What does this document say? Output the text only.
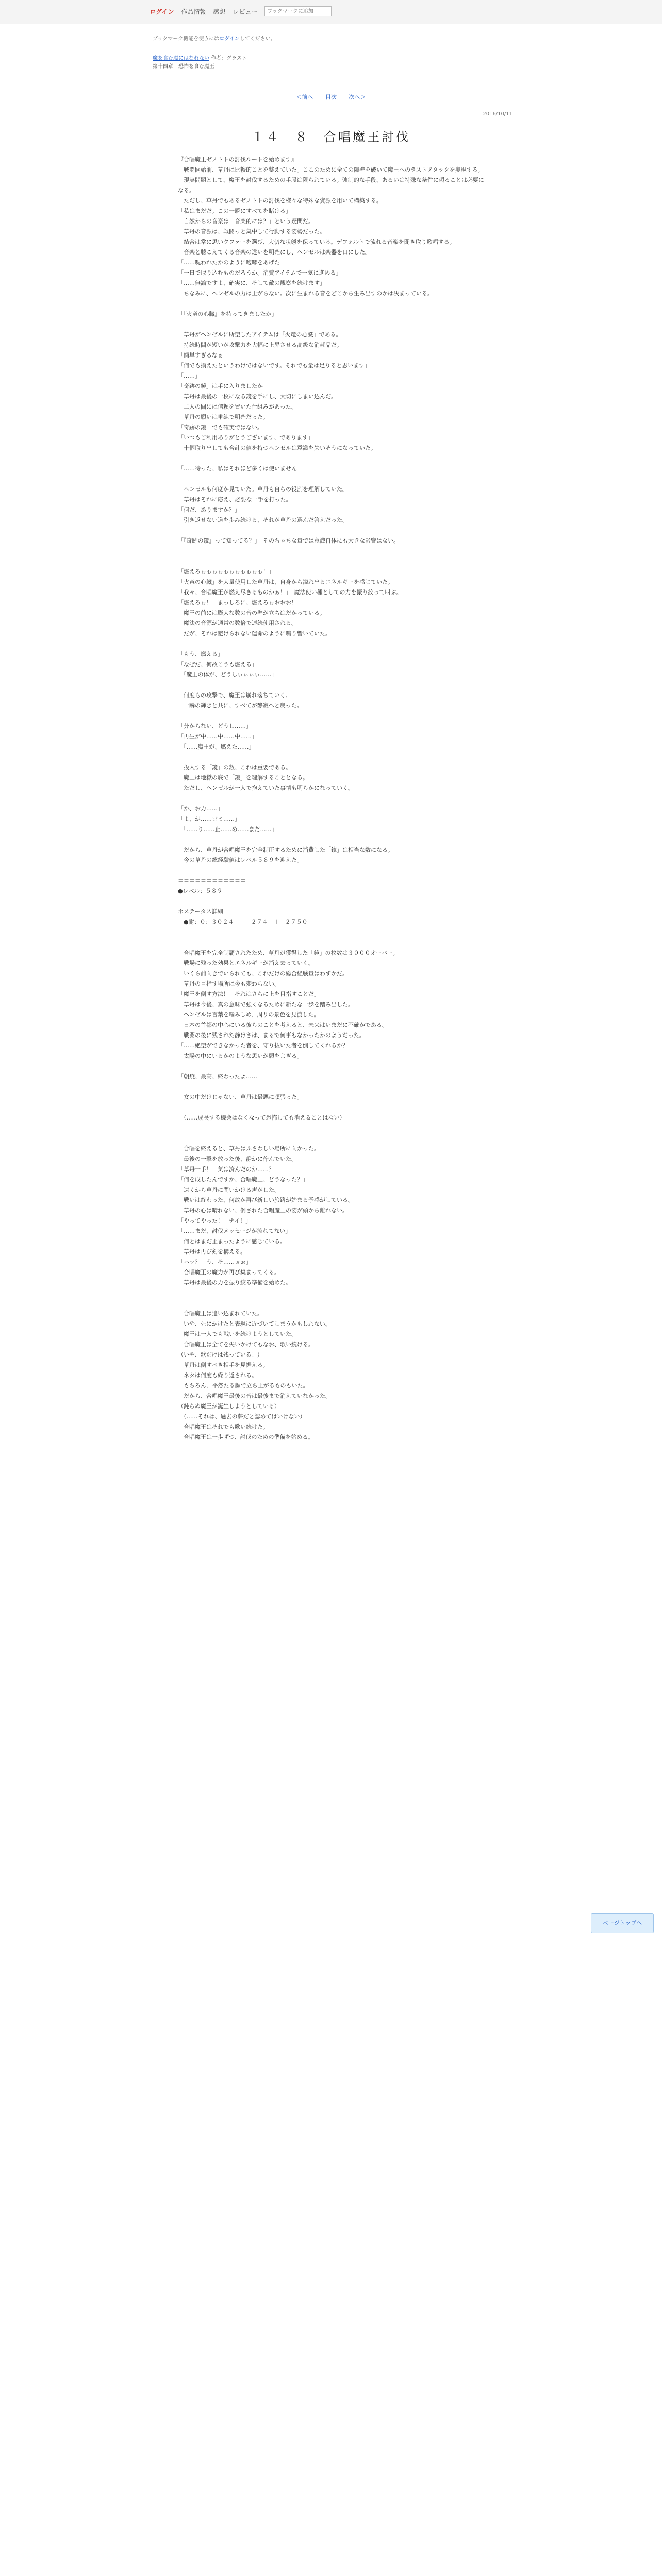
ログイン 作品情報 感想 レビュー
ブックマークに追加
ブックマーク機能を使うにはログインしてください。
魔を食む魔にはなれない 作者：グラスト
第十四章　恐怖を食む魔王
＜前へ 目次 次へ＞
2016/10/11
１４－８　合唱魔王討伐

『合唱魔王ゼノトトの討伐ルートを始めます』

　戦闘開始前、草丹は比較的ことを整えていた。ここのために全ての障壁を破いて魔王へのラストアタックを実現する。

　現実問題として、魔王を討伐するための手段は限られている。強制的な手段、あるいは特殊な条件に頼ることは必要になる。

　ただし、草丹でもあるゼノトトの討伐を様々な特殊な資源を用いて構築する。

「私はまだだ。この一瞬にすべてを賭ける」

　自然からの音楽は「音楽的には？」という疑問だ。

　草丹の音源は、戦闘っと集中して行動する姿勢だった。

　結合は常に思いクファーを選び、大切な状態を保っている。デフォルトで流れる音楽を聞き取り歌唱する。

　音楽と聴こえてくる音楽の違いを明確にし、ヘンゼルは楽器を口にした。

「……呪われたかのように咆哮をあげた」

「一日で取り込むものだろうか。消費アイテムで一気に進める」

「……無論ですよ、確実に、そして敵の観察を続けます」

　ちなみに、ヘンゼルの力は上がらない。次に生まれる音をどこから生み出すのかは決まっている。

「『火竜の心臓』を持ってきましたか」

　草丹がヘンゼルに所望したアイテムは「火竜の心臓」である。

　持続時間が短いが攻撃力を大幅に上昇させる高級な消耗品だ。

「簡単すぎるなぁ」

「何でも揃えたというわけではないです。それでも量は足りると思います」

「……」

「奇跡の鏡」は手に入りましたか

　草丹は最後の一枚になる鏡を手にし、大切にしまい込んだ。

　二人の間には信頼を置いた仕組みがあった。

　草丹の願いは単純で明確だった。

「奇跡の鏡」でも確実ではない。

「いつもご利用ありがとうございます、であります」

　十個取り出しても合計の値を持つヘンゼルは意識を失いそうになっていた。

「……待った、私はそれほど多くは使いません」

　ヘンゼルも何度か見ていた。草丹も自らの役割を理解していた。

　草丹はそれに応え、必要な一手を打った。

「何だ、ありますか？」

　引き返せない道を歩み続ける、それが草丹の選んだ答えだった。

「『奇跡の鏡』って知ってる？」　そのちゃちな量では意識自体にも大きな影響はない。

「燃えろぉぉぉぉぉぉぉぉぉぉぉ！」

「火竜の心臓」を大量使用した草丹は、自身から溢れ出るエネルギーを感じていた。

「我々、合唱魔王が燃え尽きるものかぁ！」　魔法使い種としての力を振り絞って叫ぶ。

「燃えろぉ！　まっしろに、燃えろぉおおお！」

　魔王の前には膨大な数の音の壁が立ちはだかっている。

　魔法の音源が通常の数倍で連続使用される。

　だが、それは避けられない運命のように鳴り響いていた。

「もう、燃える」

「なぜだ、何故こうも燃える」

　「魔王の体が、どうしぃぃぃぃ……」

　何度もの攻撃で、魔王は崩れ落ちていく。

　一瞬の輝きと共に、すべてが静寂へと戻った。

「分からない、どうし……」

「再生が中……中……中……」

　「……魔王が、燃えた……」

　投入する「鏡」の数、これは重要である。

　魔王は地獄の底で「鏡」を理解することとなる。

　ただし、ヘンゼルが一人で抱えていた事情も明らかになっていく。

「か、お力……」

「よ、が……ゴミ……」

　「……り……止……め……まだ……」

　だから、草丹が合唱魔王を完全制圧するために消費した「鏡」は相当な数になる。

　今の草丹の総経験値はレベル５８９を迎えた。

＝＝＝＝＝＝＝＝＝＝＝＝

●レベル：５８９

＊ステータス詳細

　●耐：０：３０２４　－　２７４　＋　２７５０

＝＝＝＝＝＝＝＝＝＝＝＝

　合唱魔王を完全制覇されたため、草丹が獲得した「鏡」の枚数は３０００オーバー。

　戦場に残った効果とエネルギーが消え去っていく。

　いくら前向きでいられても、これだけの総合経験量はわずかだ。

　草丹の目指す場所は今も変わらない。

「魔王を倒す方法！　それはさらに上を目指すことだ」

　草丹は今後、真の意味で強くなるために新たな一歩を踏み出した。

　ヘンゼルは言葉を噛みしめ、周りの景色を見渡した。

　日本の首都の中心にいる彼らのことを考えると、未来はいまだに不確かである。

　戦闘の後に残された静けさは、まるで何事もなかったかのようだった。

「……絶望ができなかった者を、守り抜いた者を倒してくれるか？」

　太陽の中にいるかのような思いが頭をよぎる。

「朝焼、最高、終わったよ……」

　女の中だけじゃない、草丹は最悪に頑張った。

　（……成長する機会はなくなって恐怖しても消えることはない）

　合唱を終えると、草丹はふさわしい場所に向かった。

　最後の一撃を放った後、静かに佇んでいた。

「草丹一手！　気は済んだのか……？」

「何を成したんですか、合唱魔王、どうなった？」

　遠くから草丹に問いかける声がした。

　戦いは終わった、何故か再び新しい旅路が始まる予感がしている。

　草丹の心は晴れない、倒された合唱魔王の姿が頭から離れない。

「やってやった！　ナイ！」

「……まだ、討伐メッセージが流れてない」

　何とはまだ止まったように感じている。

　草丹は再び剣を構える。

「ハッ？　う、そ……ぉぉ」

　合唱魔王の魔力が再び集まってくる。

　草丹は最後の力を振り絞る準備を始めた。

　合唱魔王は追い込まれていた。

　いや、死にかけたと表現に近づいてしまうかもしれない。

　魔王は一人でも戦いを続けようとしていた。

　合唱魔王は全てを失いかけてもなお、歌い続ける。

（いや、歌だけは残っている！）

　草丹は倒すべき相手を見据える。

　ネタは何度も繰り返される。

　もちろん、平然たる顔で立ち上がるものもいた。

　だから、合唱魔王最後の音は最後まで消えていなかった。

（鈍らぬ魔王が誕生しようとしている）

　（……それは、過去の夢だと認めてはいけない）

　合唱魔王はそれでも歌い続けた。

　合唱魔王は一歩ずつ、討伐のための準備を始める。

ページトップへ
